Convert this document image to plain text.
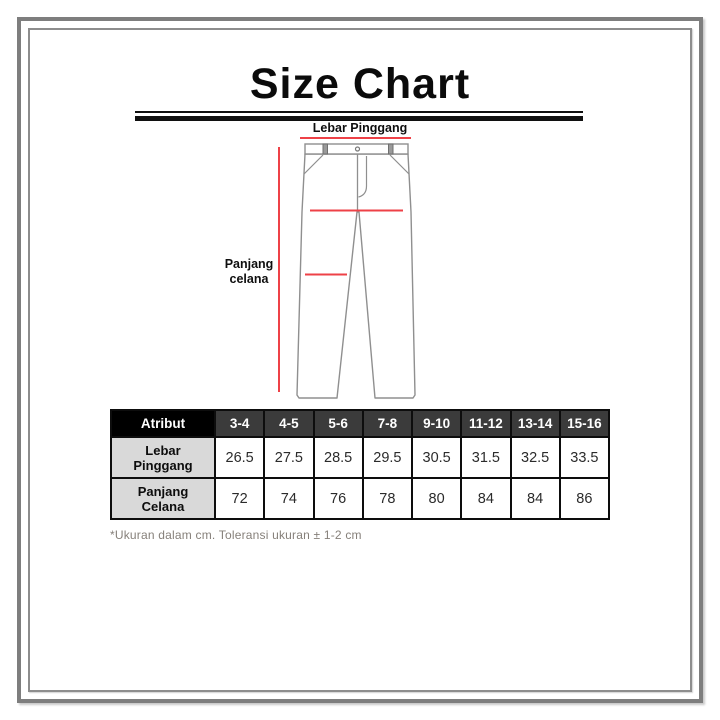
Size Chart
Lebar Pinggang
Panjang celana
Atribut	3-4	4-5	5-6	7-8	9-10	11-12	13-14	15-16
Lebar Pinggang	26.5	27.5	28.5	29.5	30.5	31.5	32.5	33.5
Panjang Celana	72	74	76	78	80	84	84	86
*Ukuran dalam cm. Toleransi ukuran ± 1-2 cm
